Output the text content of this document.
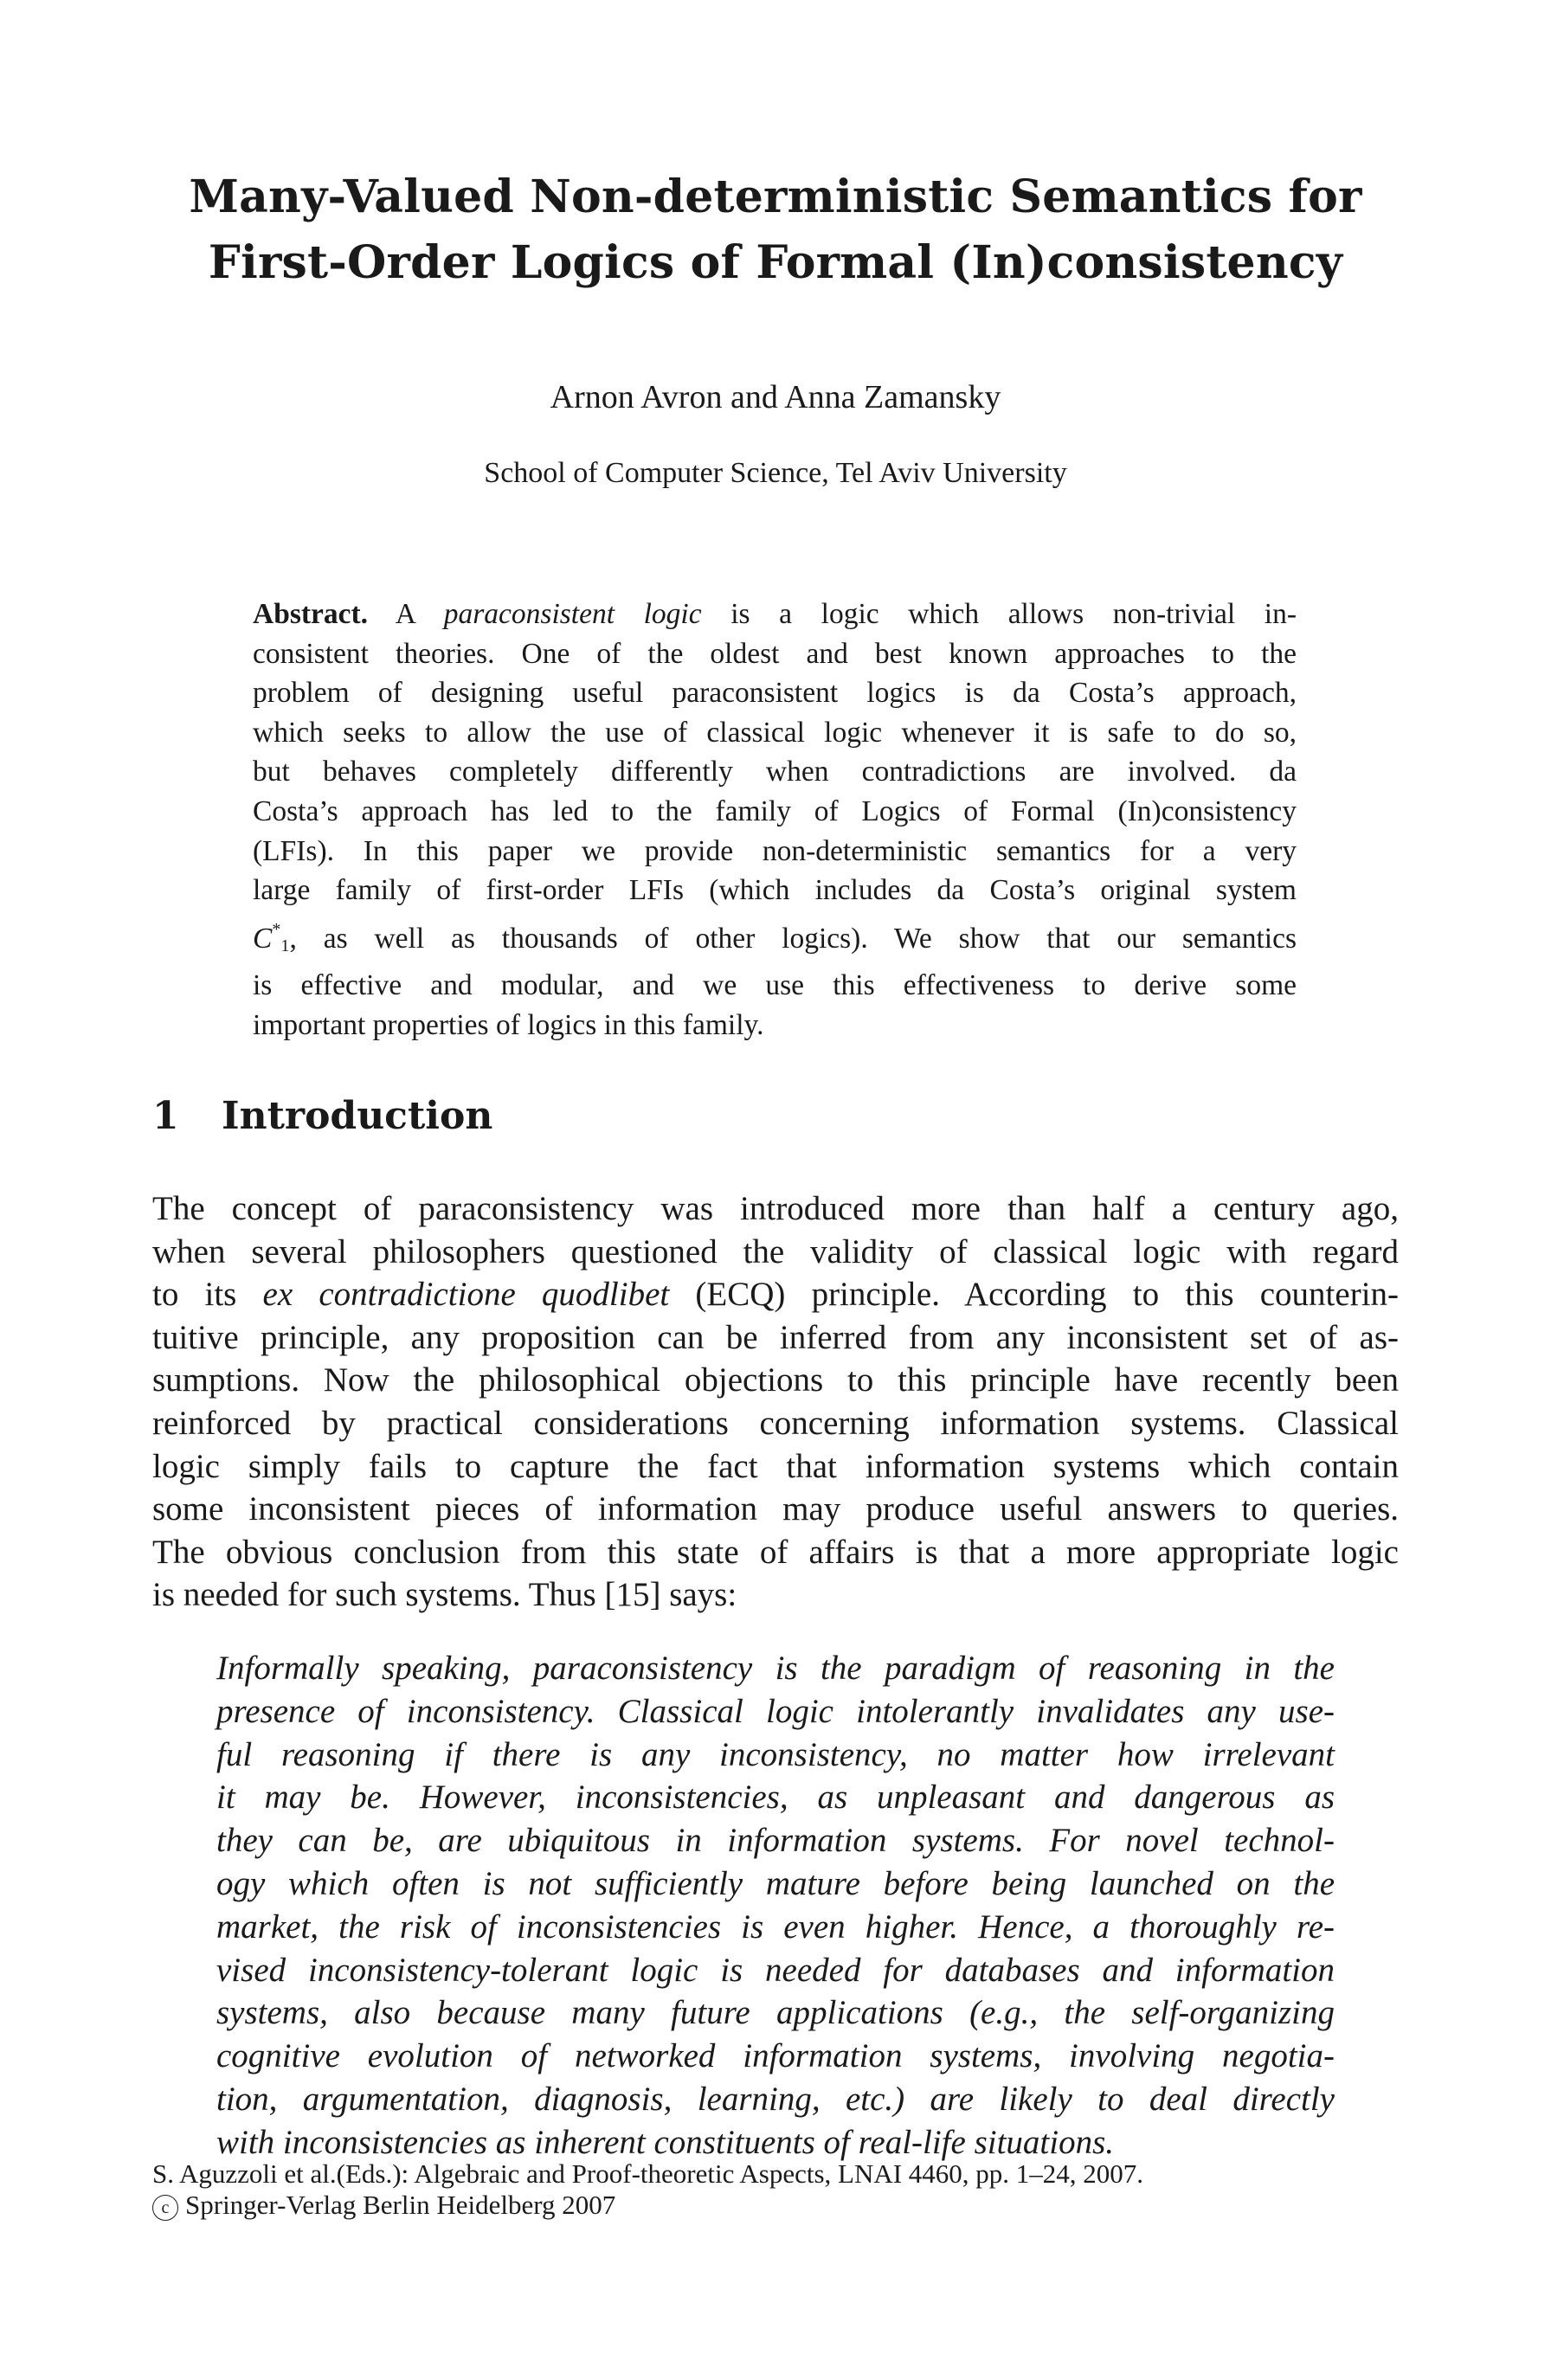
Many-Valued Non-deterministic Semantics for
First-Order Logics of Formal (In)consistency
Arnon Avron and Anna Zamansky
School of Computer Science, Tel Aviv University
Abstract. A paraconsistent logic is a logic which allows non-trivial in-
consistent theories. One of the oldest and best known approaches to the
problem of designing useful paraconsistent logics is da Costa’s approach,
which seeks to allow the use of classical logic whenever it is safe to do so,
but behaves completely differently when contradictions are involved. da
Costa’s approach has led to the family of Logics of Formal (In)consistency
(LFIs). In this paper we provide non-deterministic semantics for a very
large family of first-order LFIs (which includes da Costa’s original system
$C^*_1$, as well as thousands of other logics). We show that our semantics
is effective and modular, and we use this effectiveness to derive some
important properties of logics in this family.
1 Introduction
The concept of paraconsistency was introduced more than half a century ago,
when several philosophers questioned the validity of classical logic with regard
to its ex contradictione quodlibet (ECQ) principle. According to this counterin-
tuitive principle, any proposition can be inferred from any inconsistent set of as-
sumptions. Now the philosophical objections to this principle have recently been
reinforced by practical considerations concerning information systems. Classical
logic simply fails to capture the fact that information systems which contain
some inconsistent pieces of information may produce useful answers to queries.
The obvious conclusion from this state of affairs is that a more appropriate logic
is needed for such systems. Thus [15] says:
Informally speaking, paraconsistency is the paradigm of reasoning in the
presence of inconsistency. Classical logic intolerantly invalidates any use-
ful reasoning if there is any inconsistency, no matter how irrelevant
it may be. However, inconsistencies, as unpleasant and dangerous as
they can be, are ubiquitous in information systems. For novel technol-
ogy which often is not sufficiently mature before being launched on the
market, the risk of inconsistencies is even higher. Hence, a thoroughly re-
vised inconsistency-tolerant logic is needed for databases and information
systems, also because many future applications (e.g., the self-organizing
cognitive evolution of networked information systems, involving negotia-
tion, argumentation, diagnosis, learning, etc.) are likely to deal directly
with inconsistencies as inherent constituents of real-life situations.
S. Aguzzoli et al.(Eds.): Algebraic and Proof-theoretic Aspects, LNAI 4460, pp. 1–24, 2007.
c Springer-Verlag Berlin Heidelberg 2007
